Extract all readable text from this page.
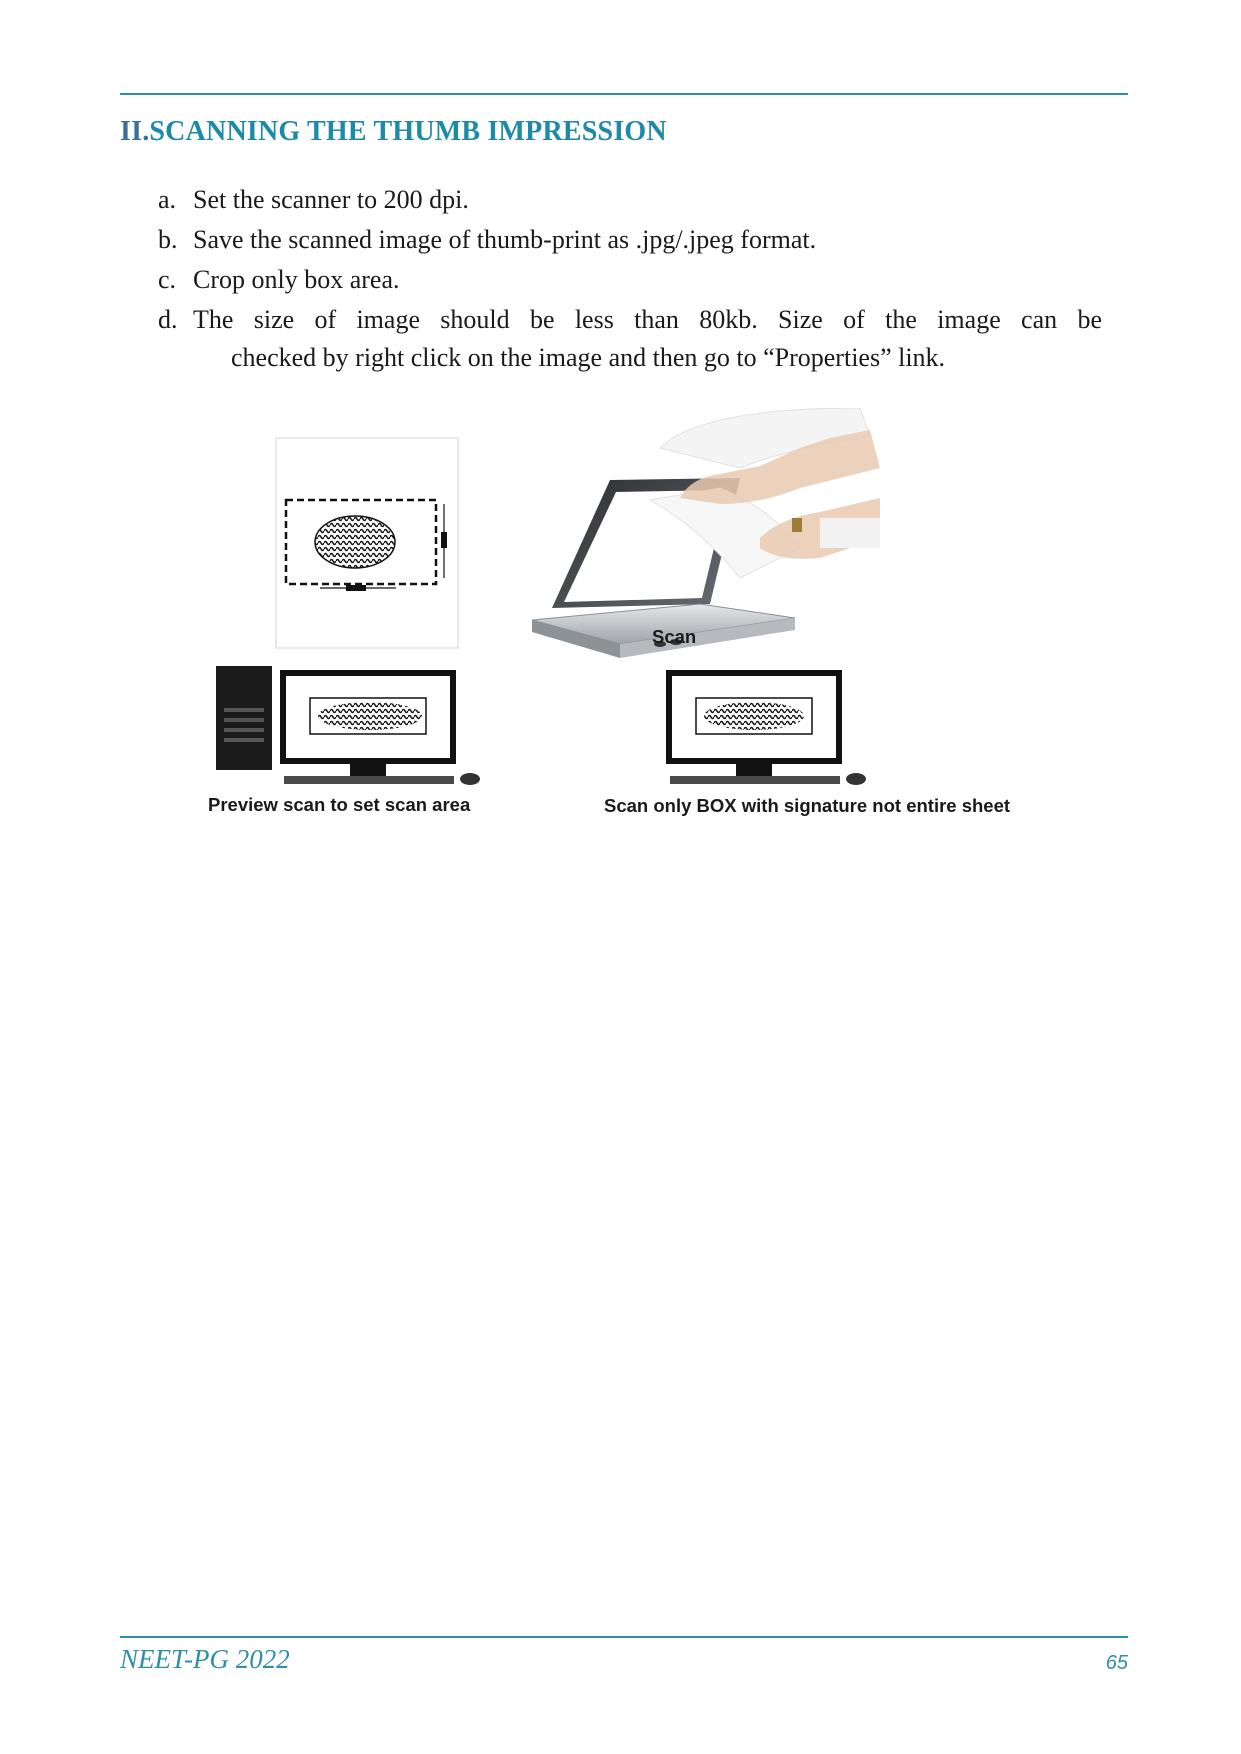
II.SCANNING THE THUMB IMPRESSION
a. Set the scanner to 200 dpi.
b. Save the scanned image of thumb-print as .jpg/.jpeg format.
c. Crop only box area.
d. The size of image should be less than 80kb. Size of the image can be
checked by right click on the image and then go to “Properties” link.
Scan
Preview scan to set scan area	Scan only BOX with signature not entire sheet
NEET-PG 2022	65
